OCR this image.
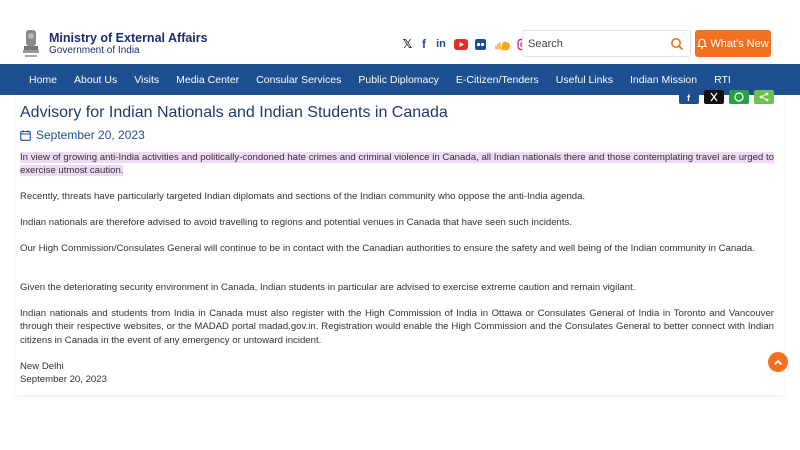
Ministry of External Affairs
Government of India	𝕏 f in
Search	What's New
Home About Us Visits Media Center Consular Services Public Diplomacy E-Citizen/Tenders Useful Links Indian Mission RTI
f
Advisory for Indian Nationals and Indian Students in Canada
September 20, 2023

In view of growing anti-India activities and politically-condoned hate crimes and criminal violence in Canada, all Indian nationals there and those contemplating travel are urged to exercise utmost caution.

Recently, threats have particularly targeted Indian diplomats and sections of the Indian community who oppose the anti-India agenda.

Indian nationals are therefore advised to avoid travelling to regions and potential venues in Canada that have seen such incidents.

Our High Commission/Consulates General will continue to be in contact with the Canadian authorities to ensure the safety and well being of the Indian community in Canada.

Given the deteriorating security environment in Canada, Indian students in particular are advised to exercise extreme caution and remain vigilant.

Indian nationals and students from India in Canada must also register with the High Commission of India in Ottawa or Consulates General of India in Toronto and Vancouver through their respective websites, or the MADAD portal madad.gov.in. Registration would enable the High Commission and the Consulates General to better connect with Indian citizens in Canada in the event of any emergency or untoward incident.

New Delhi

September 20, 2023
